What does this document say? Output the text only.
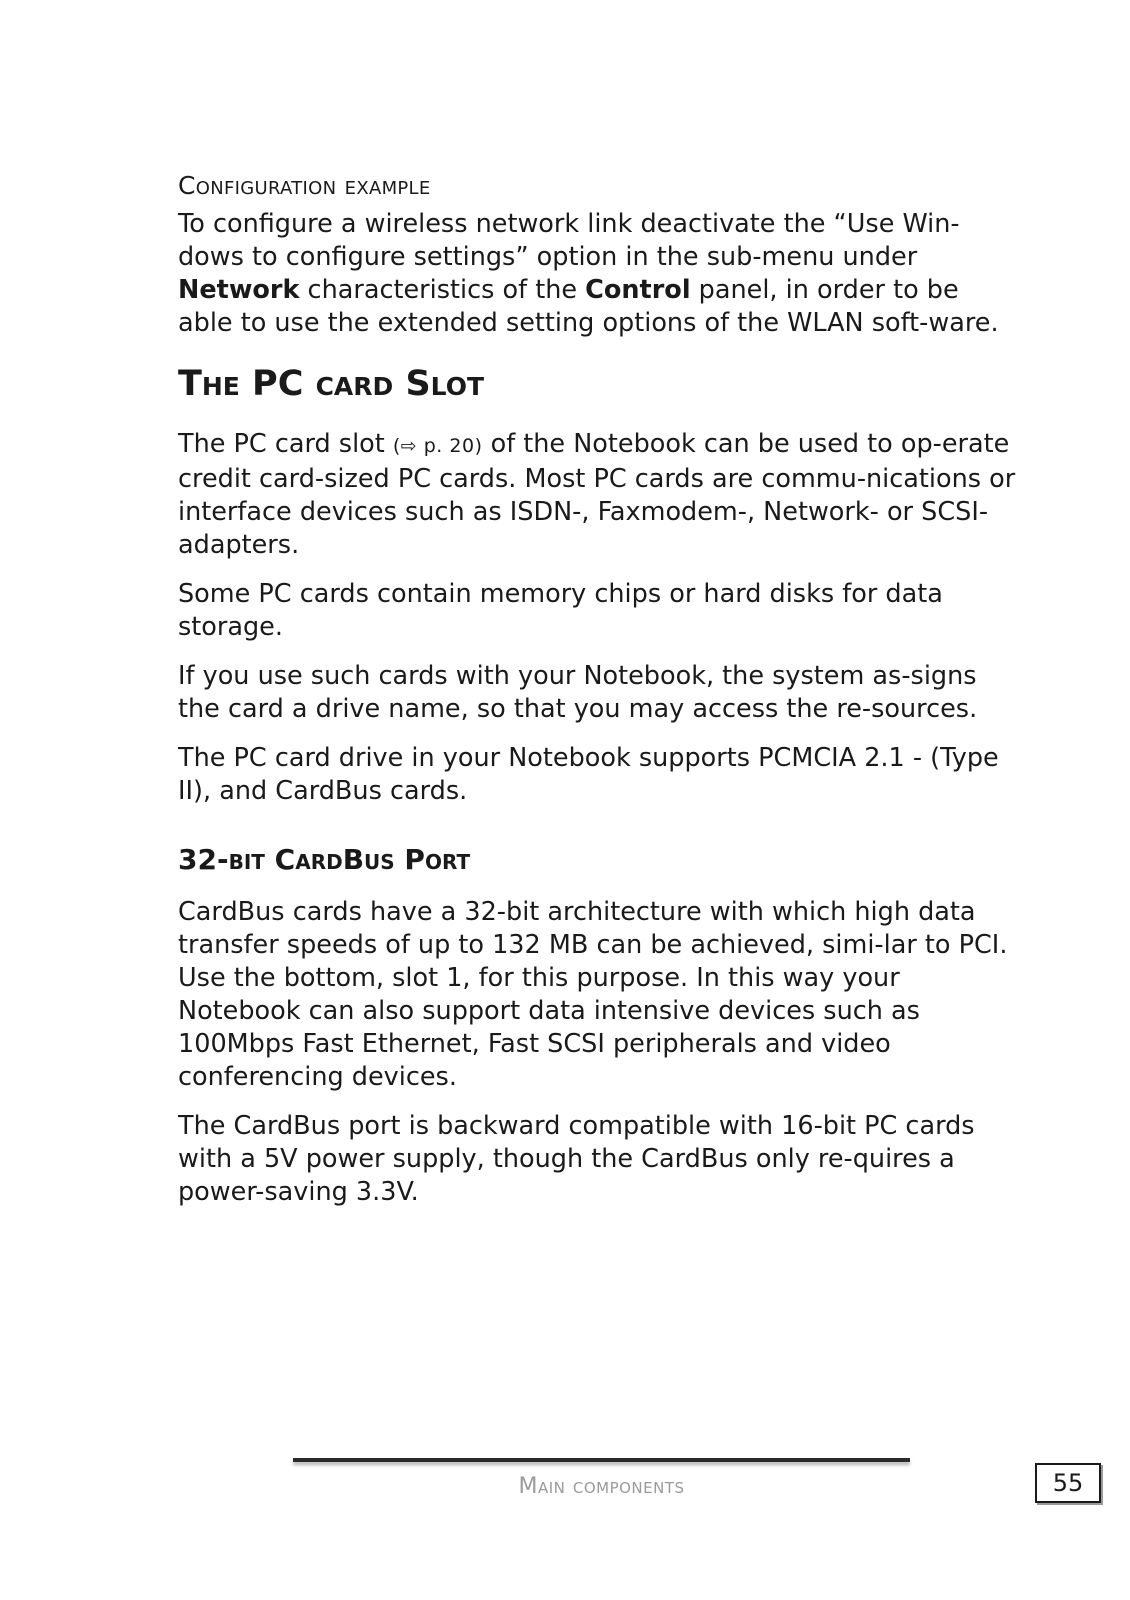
Configuration example

To configure a wireless network link deactivate the “Use Win-dows to configure settings” option in the sub-menu under
Network characteristics of the Control panel, in order to be able to use the extended setting options of the WLAN soft-ware.

The PC card Slot

The PC card slot (⇨ p. 20) of the Notebook can be used to op-erate credit card-sized PC cards. Most PC cards are commu-nications or interface devices such as ISDN-, Faxmodem-, Network- or SCSI-adapters.

Some PC cards contain memory chips or hard disks for data storage.

If you use such cards with your Notebook, the system as-signs the card a drive name, so that you may access the re-sources.

The PC card drive in your Notebook supports PCMCIA 2.1 - (Type II), and CardBus cards.

32-bit CardBus Port

CardBus cards have a 32-bit architecture with which high data transfer speeds of up to 132 MB can be achieved, simi-lar to PCI. Use the bottom, slot 1, for this purpose. In this way your Notebook can also support data intensive devices such as 100Mbps Fast Ethernet, Fast SCSI peripherals and video conferencing devices.

The CardBus port is backward compatible with 16-bit PC cards with a 5V power supply, though the CardBus only re-quires a power-saving 3.3V.

Main components	55
